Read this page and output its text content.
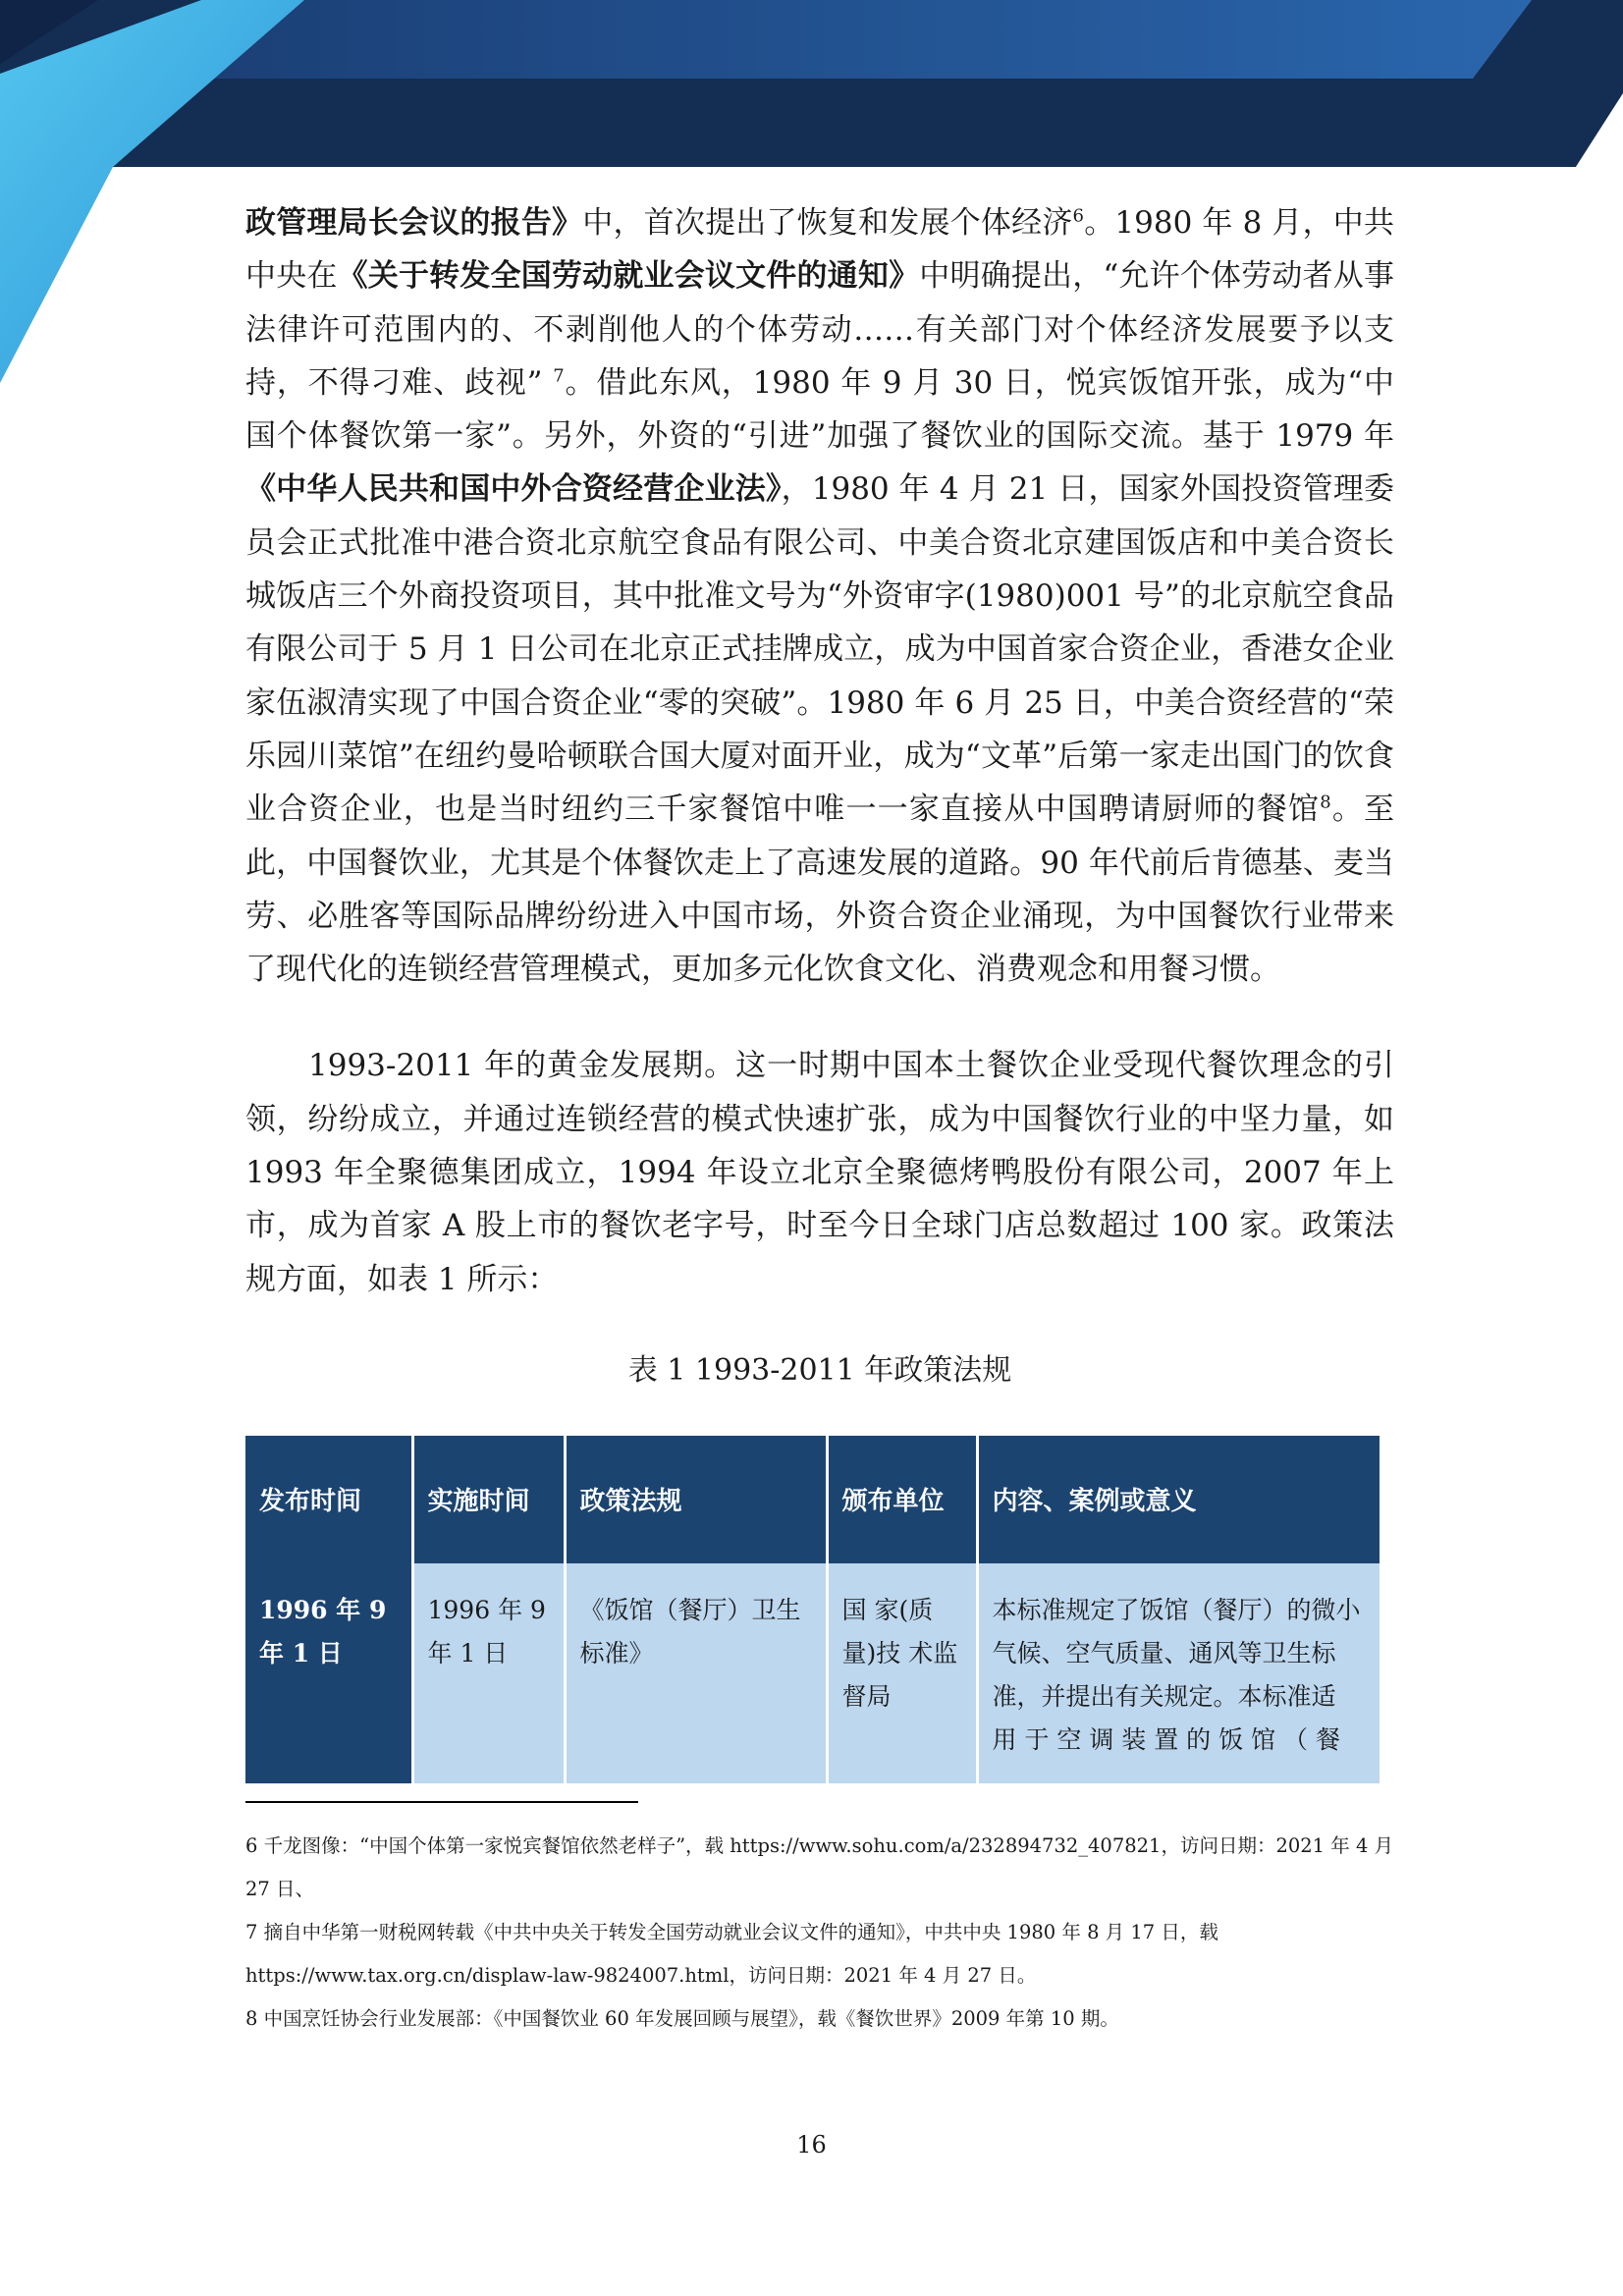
政管理局长会议的报告》中，首次提出了恢复和发展个体经济$^6$。1980 年 8 月，中共中央在《关于转发全国劳动就业会议文件的通知》中明确提出，“允许个体劳动者从事法律许可范围内的、不剥削他人的个体劳动……有关部门对个体经济发展要予以支持，不得刁难、歧视” $^7$。借此东风，1980 年 9 月 30 日，悦宾饭馆开张，成为“中国个体餐饮第一家”。另外，外资的“引进”加强了餐饮业的国际交流。基于 1979 年《中华人民共和国中外合资经营企业法》，1980 年 4 月 21 日，国家外国投资管理委员会正式批准中港合资北京航空食品有限公司、中美合资北京建国饭店和中美合资长城饭店三个外商投资项目，其中批准文号为“外资审字(1980)001 号”的北京航空食品有限公司于 5 月 1 日公司在北京正式挂牌成立，成为中国首家合资企业，香港女企业家伍淑清实现了中国合资企业“零的突破”。1980 年 6 月 25 日，中美合资经营的“荣乐园川菜馆”在纽约曼哈顿联合国大厦对面开业，成为“文革”后第一家走出国门的饮食业合资企业，也是当时纽约三千家餐馆中唯一一家直接从中国聘请厨师的餐馆$^8$。至此，中国餐饮业，尤其是个体餐饮走上了高速发展的道路。90 年代前后肯德基、麦当劳、必胜客等国际品牌纷纷进入中国市场，外资合资企业涌现，为中国餐饮行业带来了现代化的连锁经营管理模式，更加多元化饮食文化、消费观念和用餐习惯。

1993-2011 年的黄金发展期。这一时期中国本土餐饮企业受现代餐饮理念的引领，纷纷成立，并通过连锁经营的模式快速扩张，成为中国餐饮行业的中坚力量，如 1993 年全聚德集团成立，1994 年设立北京全聚德烤鸭股份有限公司，2007 年上市，成为首家 A 股上市的餐饮老字号，时至今日全球门店总数超过 100 家。政策法规方面，如表 1 所示：

表 1 1993-2011 年政策法规
发布时间	实施时间	政策法规	颁布单位	内容、案例或意义

1996 年 9 年 1 日	1996 年 9 年 1 日	《饭馆（餐厅）卫生标准》	国 家(质量)技 术监督局	本标准规定了饭馆（餐厅）的微小气候、空气质量、通风等卫生标准，并提出有关规定。本标准适 用 于 空 调 装 置 的 饭 馆 （ 餐

6 千龙图像：“中国个体第一家悦宾餐馆依然老样子”，载 https://www.sohu.com/a/232894732_407821，访问日期：2021 年 4 月 27 日、

7 摘自中华第一财税网转载《中共中央关于转发全国劳动就业会议文件的通知》，中共中央 1980 年 8 月 17 日，载 https://www.tax.org.cn/displaw-law-9824007.html，访问日期：2021 年 4 月 27 日。

8 中国烹饪协会行业发展部：《中国餐饮业 60 年发展回顾与展望》，载《餐饮世界》2009 年第 10 期。

16
